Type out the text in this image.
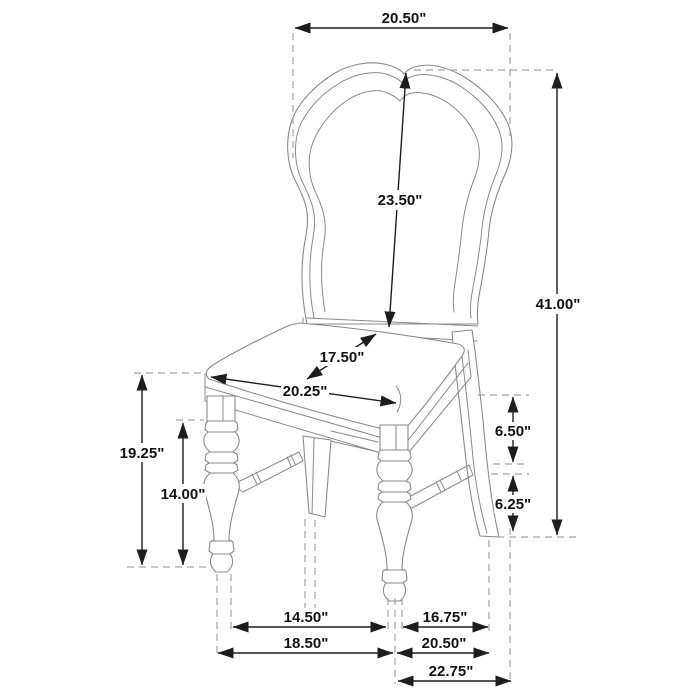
20.50"
41.00"
23.50"
17.50"
20.25"
19.25"
14.00"
6.50"
6.25"
14.50"	16.75"
18.50"	20.50"
22.75"
